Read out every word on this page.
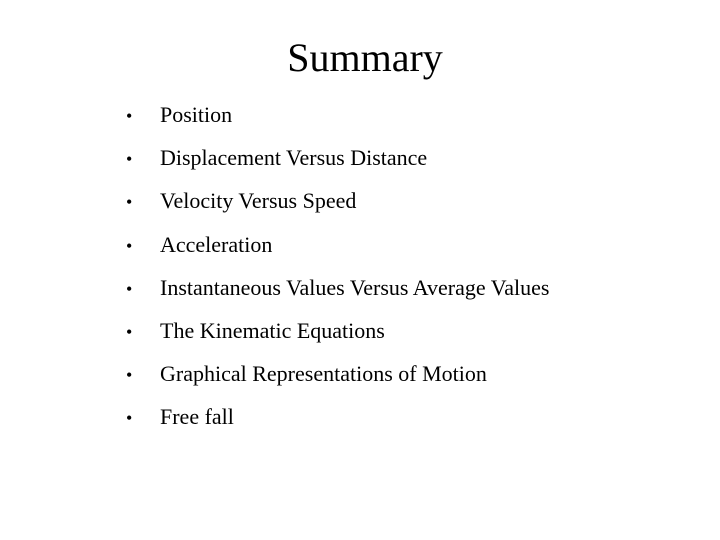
Summary
•	Position
•	Displacement Versus Distance
•	Velocity Versus Speed
•	Acceleration
•	Instantaneous Values Versus Average Values
•	The Kinematic Equations
•	Graphical Representations of Motion
•	Free fall
